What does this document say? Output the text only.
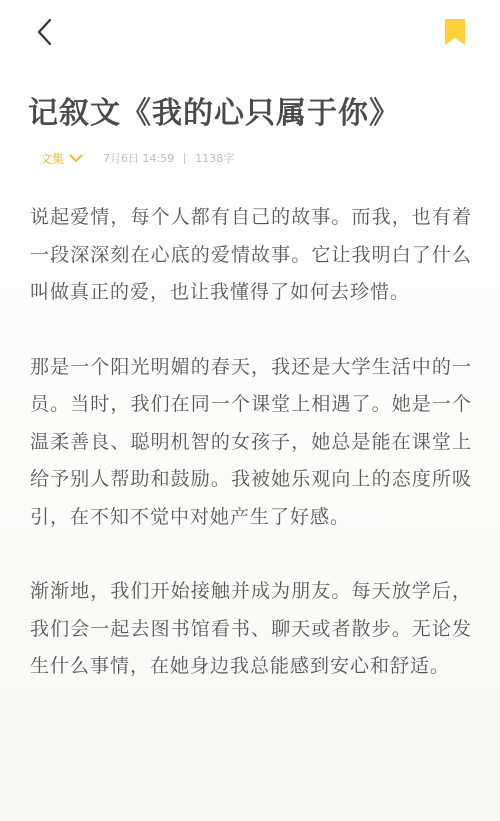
记叙文《我的心只属于你》
文集	7月6日 14:59 1138字

说起爱情，每个人都有自己的故事。而我，也有着一段深深刻在心底的爱情故事。它让我明白了什么叫做真正的爱，也让我懂得了如何去珍惜。

那是一个阳光明媚的春天，我还是大学生活中的一员。当时，我们在同一个课堂上相遇了。她是一个温柔善良、聪明机智的女孩子，她总是能在课堂上给予别人帮助和鼓励。我被她乐观向上的态度所吸引，在不知不觉中对她产生了好感。

渐渐地，我们开始接触并成为朋友。每天放学后，我们会一起去图书馆看书、聊天或者散步。无论发生什么事情，在她身边我总能感到安心和舒适。
